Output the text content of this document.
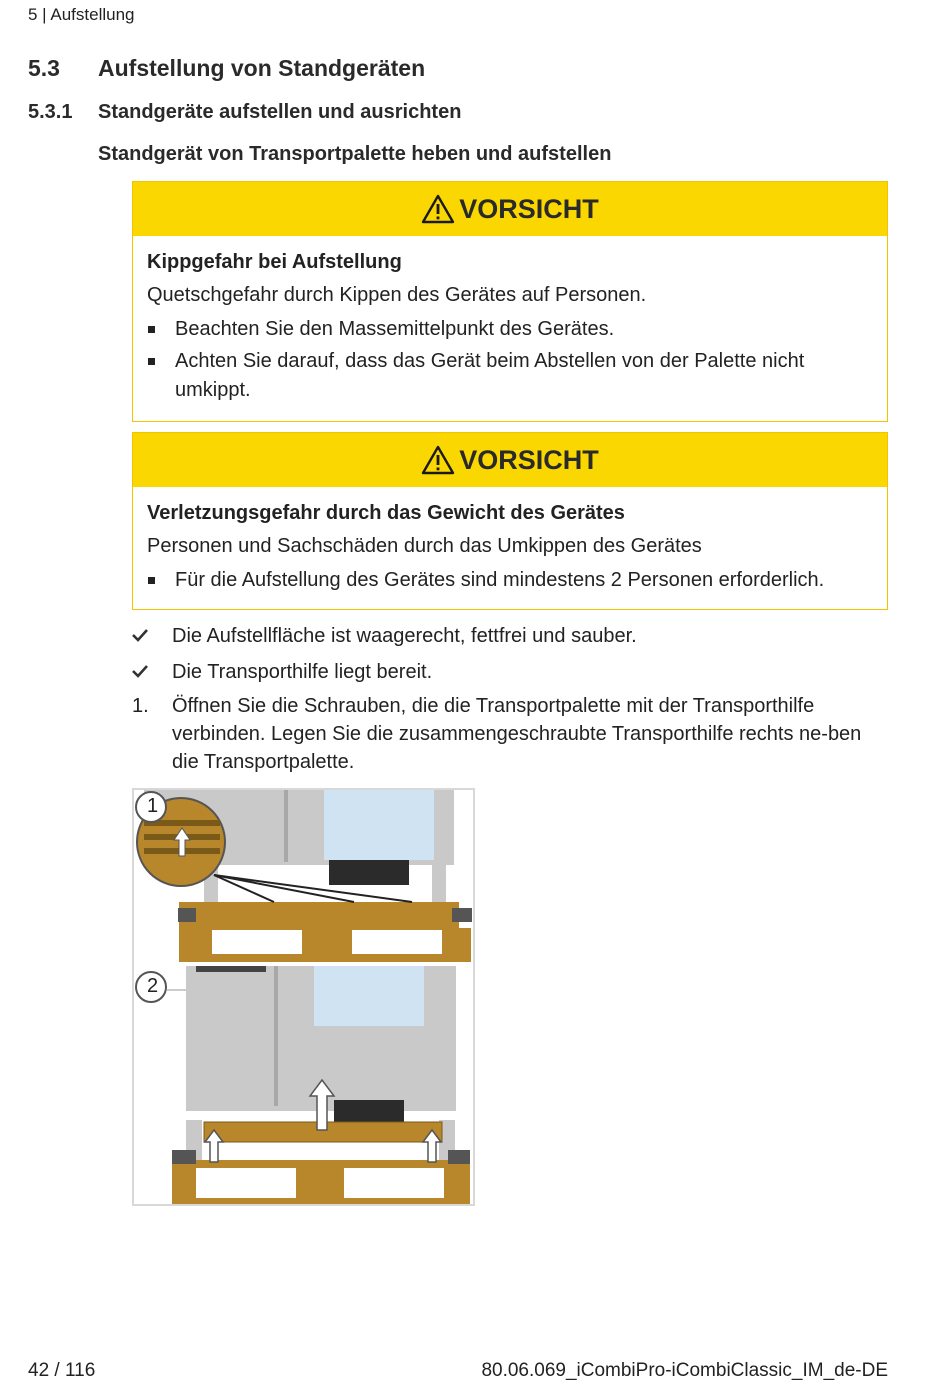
5 | Aufstellung
5.3 Aufstellung von Standgeräten
5.3.1 Standgeräte aufstellen und ausrichten
Standgerät von Transportpalette heben und aufstellen
VORSICHT
Kippgefahr bei Aufstellung
Quetschgefahr durch Kippen des Gerätes auf Personen.
Beachten Sie den Massemittelpunkt des Gerätes.
Achten Sie darauf, dass das Gerät beim Abstellen von der Palette nicht umkippt.
VORSICHT
Verletzungsgefahr durch das Gewicht des Gerätes
Personen und Sachschäden durch das Umkippen des Gerätes
Für die Aufstellung des Gerätes sind mindestens 2 Personen erforderlich.
Die Aufstellfläche ist waagerecht, fettfrei und sauber.
Die Transporthilfe liegt bereit.
1.	Öffnen Sie die Schrauben, die die Transportpalette mit der Transporthilfe verbinden. Legen Sie die zusammengeschraubte Transporthilfe rechts ne-ben die Transportpalette.
1
2
42 / 116	80.06.069_iCombiPro-iCombiClassic_IM_de-DE
